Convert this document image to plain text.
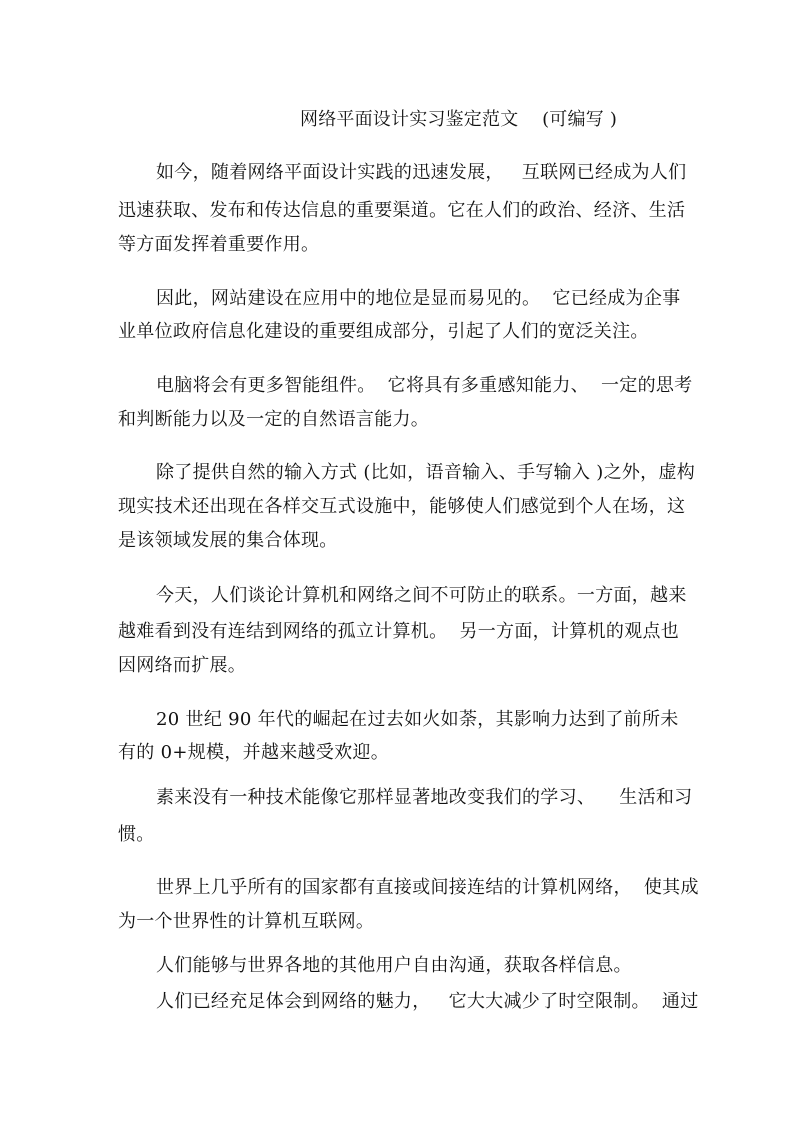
网络平面设计实习鉴定范文    (可编写 )
如今，随着网络平面设计实践的迅速发展，   互联网已经成为人们
迅速获取、发布和传达信息的重要渠道。它在人们的政治、经济、生活
等方面发挥着重要作用。
因此，网站建设在应用中的地位是显而易见的。  它已经成为企事
业单位政府信息化建设的重要组成部分，引起了人们的宽泛关注。
电脑将会有更多智能组件。  它将具有多重感知能力、  一定的思考
和判断能力以及一定的自然语言能力。
除了提供自然的输入方式 (比如，语音输入、手写输入 )之外，虚构
现实技术还出现在各样交互式设施中，能够使人们感觉到个人在场，这
是该领域发展的集合体现。
今天，人们谈论计算机和网络之间不可防止的联系。一方面，越来
越难看到没有连结到网络的孤立计算机。  另一方面，计算机的观点也
因网络而扩展。
20 世纪 90 年代的崛起在过去如火如荼，其影响力达到了前所未
有的 0+规模，并越来越受欢迎。
素来没有一种技术能像它那样显著地改变我们的学习、    生活和习
惯。
世界上几乎所有的国家都有直接或间接连结的计算机网络，  使其成
为一个世界性的计算机互联网。
人们能够与世界各地的其他用户自由沟通，获取各样信息。
人们已经充足体会到网络的魅力，   它大大减少了时空限制。  通过
